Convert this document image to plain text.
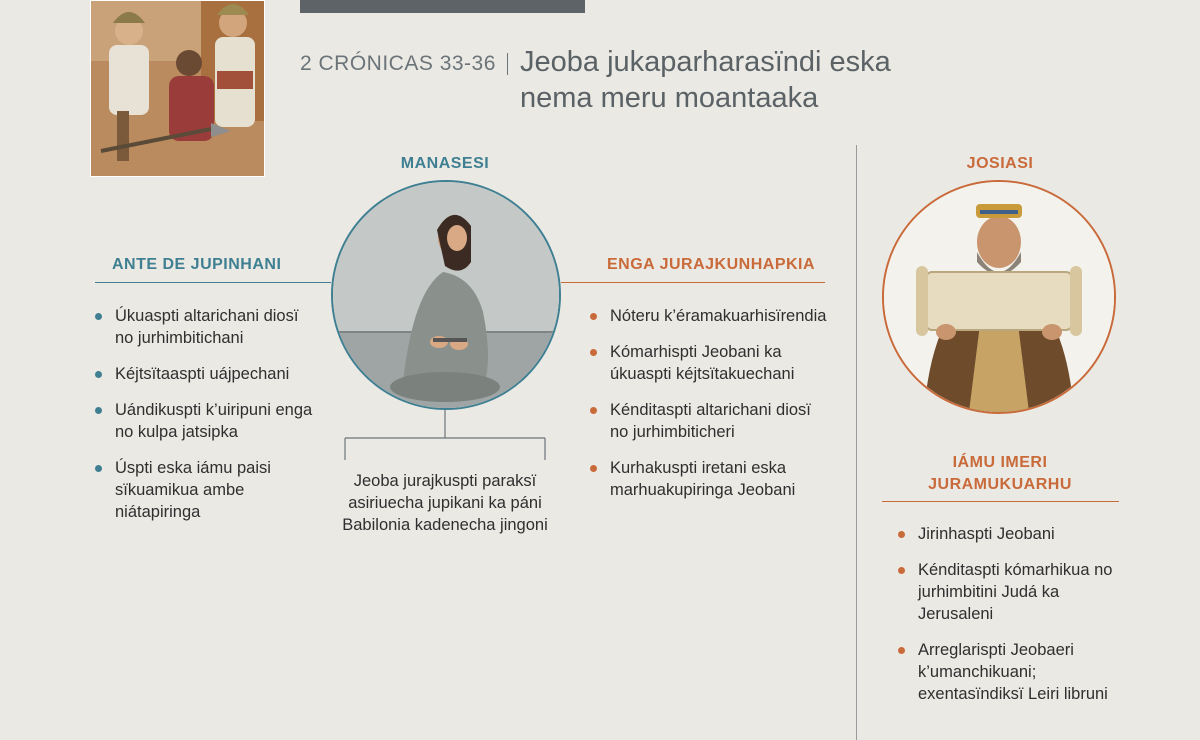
2 CRÓNICAS 33-36 Jeoba jukaparharasïndi eska
nema meru moantaaka
MANASESI
ANTE DE JUPINHANI
Úkuaspti altarichani diosï no jurhimbitichani
Kéjtsïtaaspti uájpechani
Uándikuspti k’uiripuni enga no kulpa jatsipka
Úspti eska iámu paisi sïkuamikua ambe niátapiringa
ENGA JURAJKUNHAPKIA
Nóteru k’éramakuarhisïrendia
Kómarhispti Jeobani ka úkuaspti kéjtsïtakuechani
Kénditaspti altarichani diosï no jurhimbiticheri
Kurhakuspti iretani eska marhuakupiringa Jeobani
Jeoba jurajkuspti paraksï asiriuecha jupikani ka páni Babilonia kadenecha jingoni
JOSIASI
IÁMU IMERI
JURAMUKUARHU
Jirinhaspti Jeobani
Kénditaspti kómarhikua no jurhimbitini Judá ka Jerusaleni
Arreglarispti Jeobaeri k’umanchikuani; exentasïndiksï Leiri libruni
